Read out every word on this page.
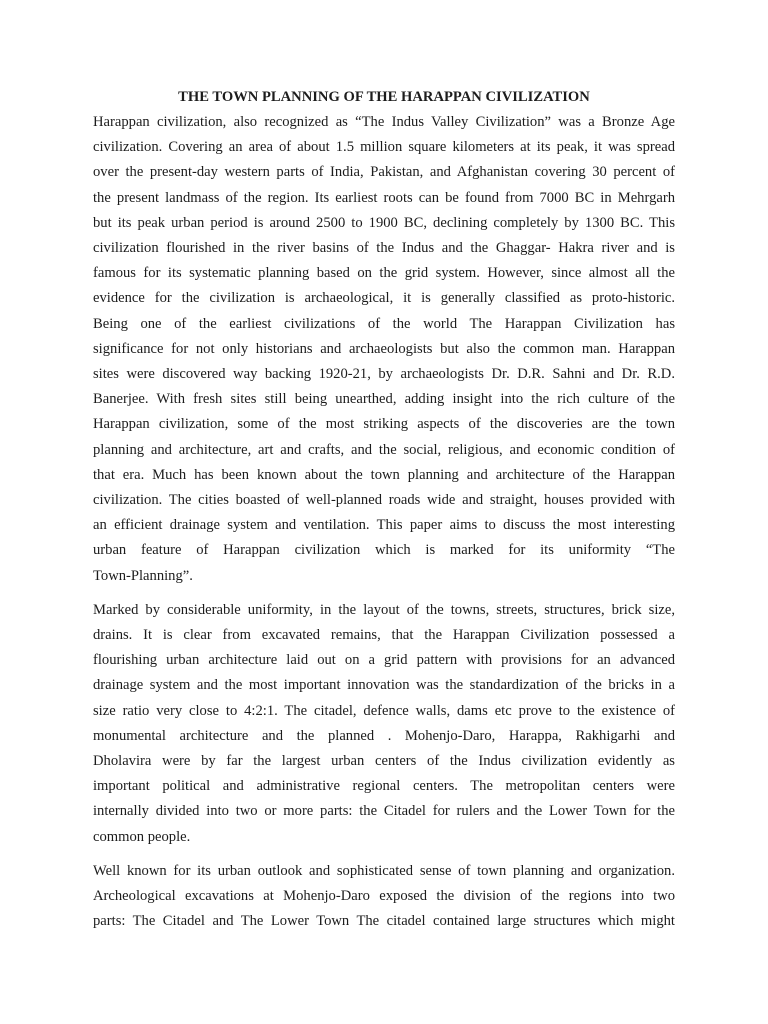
THE TOWN PLANNING OF THE HARAPPAN CIVILIZATION

Harappan civilization, also recognized as “The Indus Valley Civilization” was a Bronze Age
civilization. Covering an area of about 1.5 million square kilometers at its peak, it was spread
over the present-day western parts of India, Pakistan, and Afghanistan covering 30 percent of
the present landmass of the region. Its earliest roots can be found from 7000 BC in Mehrgarh
but its peak urban period is around 2500 to 1900 BC, declining completely by 1300 BC. This
civilization flourished in the river basins of the Indus and the Ghaggar- Hakra river and is
famous for its systematic planning based on the grid system. However, since almost all the
evidence for the civilization is archaeological, it is generally classified as proto-historic.
Being one of the earliest civilizations of the world The Harappan Civilization has
significance for not only historians and archaeologists but also the common man. Harappan
sites were discovered way backing 1920-21, by archaeologists Dr. D.R. Sahni and Dr. R.D.
Banerjee. With fresh sites still being unearthed, adding insight into the rich culture of the
Harappan civilization, some of the most striking aspects of the discoveries are the town
planning and architecture, art and crafts, and the social, religious, and economic condition of
that era. Much has been known about the town planning and architecture of the Harappan
civilization. The cities boasted of well-planned roads wide and straight, houses provided with
an efficient drainage system and ventilation. This paper aims to discuss the most interesting
urban feature of Harappan civilization which is marked for its uniformity “The
Town-Planning”.

Marked by considerable uniformity, in the layout of the towns, streets, structures, brick size,
drains. It is clear from excavated remains, that the Harappan Civilization possessed a
flourishing urban architecture laid out on a grid pattern with provisions for an advanced
drainage system and the most important innovation was the standardization of the bricks in a
size ratio very close to 4:2:1. The citadel, defence walls, dams etc prove to the existence of
monumental architecture and the planned . Mohenjo-Daro, Harappa, Rakhigarhi and
Dholavira were by far the largest urban centers of the Indus civilization evidently as
important political and administrative regional centers. The metropolitan centers were
internally divided into two or more parts: the Citadel for rulers and the Lower Town for the
common people.

Well known for its urban outlook and sophisticated sense of town planning and organization.
Archeological excavations at Mohenjo-Daro exposed the division of the regions into two
parts: The Citadel and The Lower Town The citadel contained large structures which might
